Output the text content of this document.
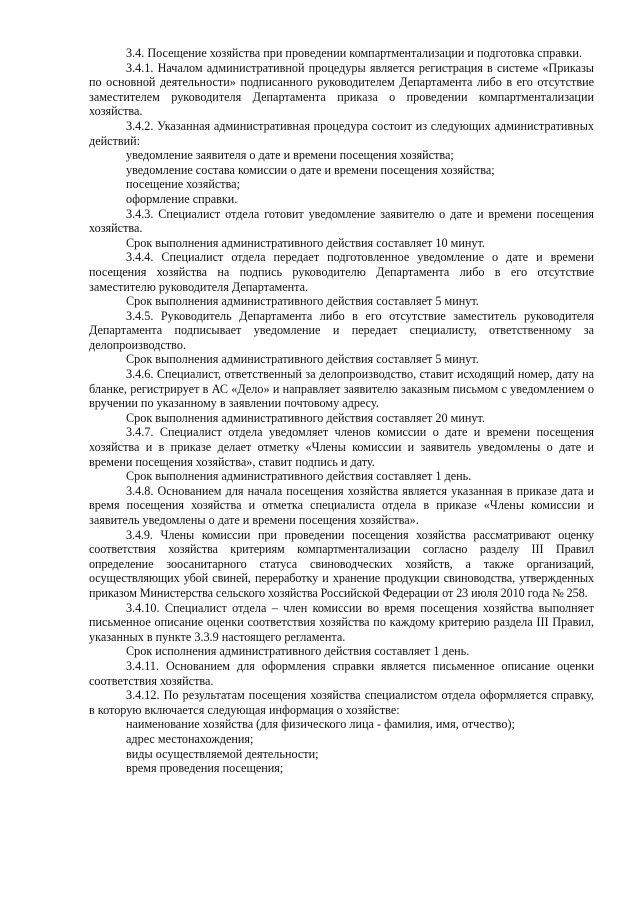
3.4. Посещение хозяйства при проведении компартментализации и подготовка справки.

3.4.1. Началом административной процедуры является регистрация в системе «Приказы по основной деятельности» подписанного руководителем Департамента либо в его отсутствие заместителем руководителя Департамента приказа о проведении компартментализации хозяйства.

3.4.2. Указанная административная процедура состоит из следующих административных действий:

уведомление заявителя о дате и времени посещения хозяйства;

уведомление состава комиссии о дате и времени посещения хозяйства;

посещение хозяйства;

оформление справки.

3.4.3. Специалист отдела готовит уведомление заявителю о дате и времени посещения хозяйства.

Срок выполнения административного действия составляет 10 минут.

3.4.4. Специалист отдела передает подготовленное уведомление о дате и времени посещения хозяйства на подпись руководителю Департамента либо в его отсутствие заместителю руководителя Департамента.

Срок выполнения административного действия составляет 5 минут.

3.4.5. Руководитель Департамента либо в его отсутствие заместитель руководителя Департамента подписывает уведомление и передает специалисту, ответственному за делопроизводство.

Срок выполнения административного действия составляет 5 минут.

3.4.6. Специалист, ответственный за делопроизводство, ставит исходящий номер, дату на бланке, регистрирует в АС «Дело» и направляет заявителю заказным письмом с уведомлением о вручении по указанному в заявлении почтовому адресу.

Срок выполнения административного действия составляет 20 минут.

3.4.7. Специалист отдела уведомляет членов комиссии о дате и времени посещения хозяйства и в приказе делает отметку «Члены комиссии и заявитель уведомлены о дате и времени посещения хозяйства», ставит подпись и дату.

Срок выполнения административного действия составляет 1 день.

3.4.8. Основанием для начала посещения хозяйства является указанная в приказе дата и время посещения хозяйства и отметка специалиста отдела в приказе «Члены комиссии и заявитель уведомлены о дате и времени посещения хозяйства».

3.4.9. Члены комиссии при проведении посещения хозяйства рассматривают оценку соответствия хозяйства критериям компартментализации согласно разделу III Правил определение зоосанитарного статуса свиноводческих хозяйств, а также организаций, осуществляющих убой свиней, переработку и хранение продукции свиноводства, утвержденных приказом Министерства сельского хозяйства Российской Федерации от 23 июля 2010 года № 258.

3.4.10. Специалист отдела – член комиссии во время посещения хозяйства выполняет письменное описание оценки соответствия хозяйства по каждому критерию раздела III Правил, указанных в пункте 3.3.9 настоящего регламента.

Срок исполнения административного действия составляет 1 день.

3.4.11. Основанием для оформления справки является письменное описание оценки соответствия хозяйства.

3.4.12. По результатам посещения хозяйства специалистом отдела оформляется справку, в которую включается следующая информация о хозяйстве:

наименование хозяйства (для физического лица - фамилия, имя, отчество);

адрес местонахождения;

виды осуществляемой деятельности;

время проведения посещения;
